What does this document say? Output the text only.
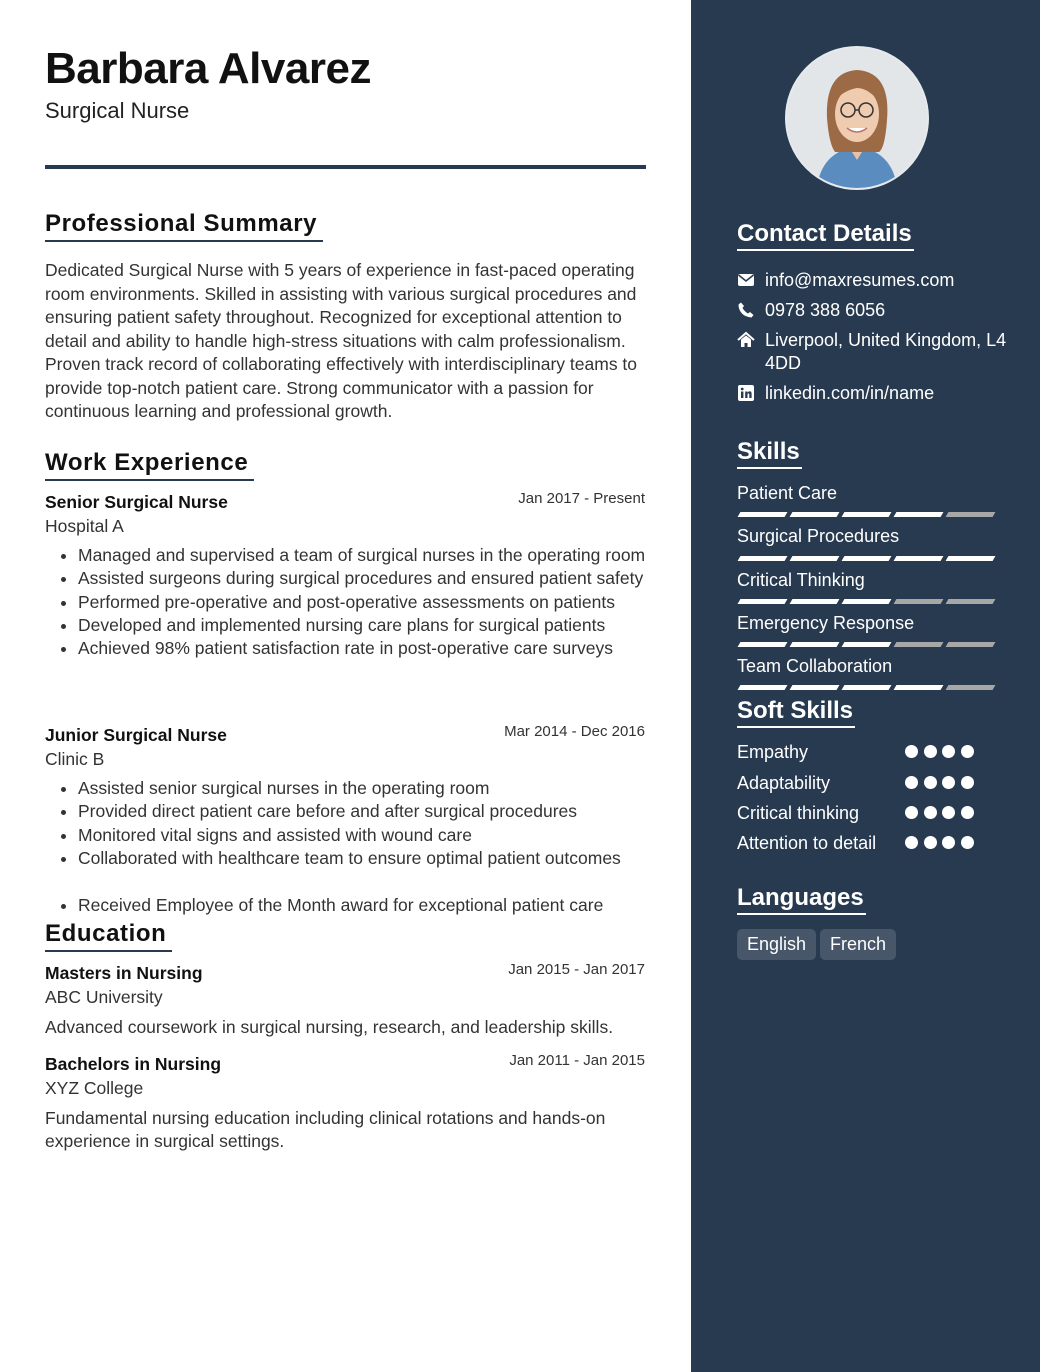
Barbara Alvarez
Surgical Nurse
Professional Summary

Dedicated Surgical Nurse with 5 years of experience in fast-paced operating room environments. Skilled in assisting with various surgical procedures and ensuring patient safety throughout. Recognized for exceptional attention to detail and ability to handle high-stress situations with calm professionalism. Proven track record of collaborating effectively with interdisciplinary teams to provide top-notch patient care. Strong communicator with a passion for continuous learning and professional growth.

Work Experience
Senior Surgical Nurse	Jan 2017 - Present
Hospital A
• Managed and supervised a team of surgical nurses in the operating room
• Assisted surgeons during surgical procedures and ensured patient safety
• Performed pre-operative and post-operative assessments on patients
• Developed and implemented nursing care plans for surgical patients
• Achieved 98% patient satisfaction rate in post-operative care surveys
Junior Surgical Nurse	Mar 2014 - Dec 2016
Clinic B
• Assisted senior surgical nurses in the operating room
• Provided direct patient care before and after surgical procedures
• Monitored vital signs and assisted with wound care
• Collaborated with healthcare team to ensure optimal patient outcomes
• Received Employee of the Month award for exceptional patient care
Education
Masters in Nursing	Jan 2015 - Jan 2017
ABC University
Advanced coursework in surgical nursing, research, and leadership skills.
Bachelors in Nursing	Jan 2011 - Jan 2015
XYZ College
Fundamental nursing education including clinical rotations and hands-on experience in surgical settings.
Contact Details
info@maxresumes.com
0978 388 6056
Liverpool, United Kingdom, L4 4DD
linkedin.com/in/name
Skills
Patient Care
Surgical Procedures
Critical Thinking
Emergency Response
Team Collaboration
Soft Skills
Empathy
Adaptability
Critical thinking
Attention to detail
Languages
English	French
